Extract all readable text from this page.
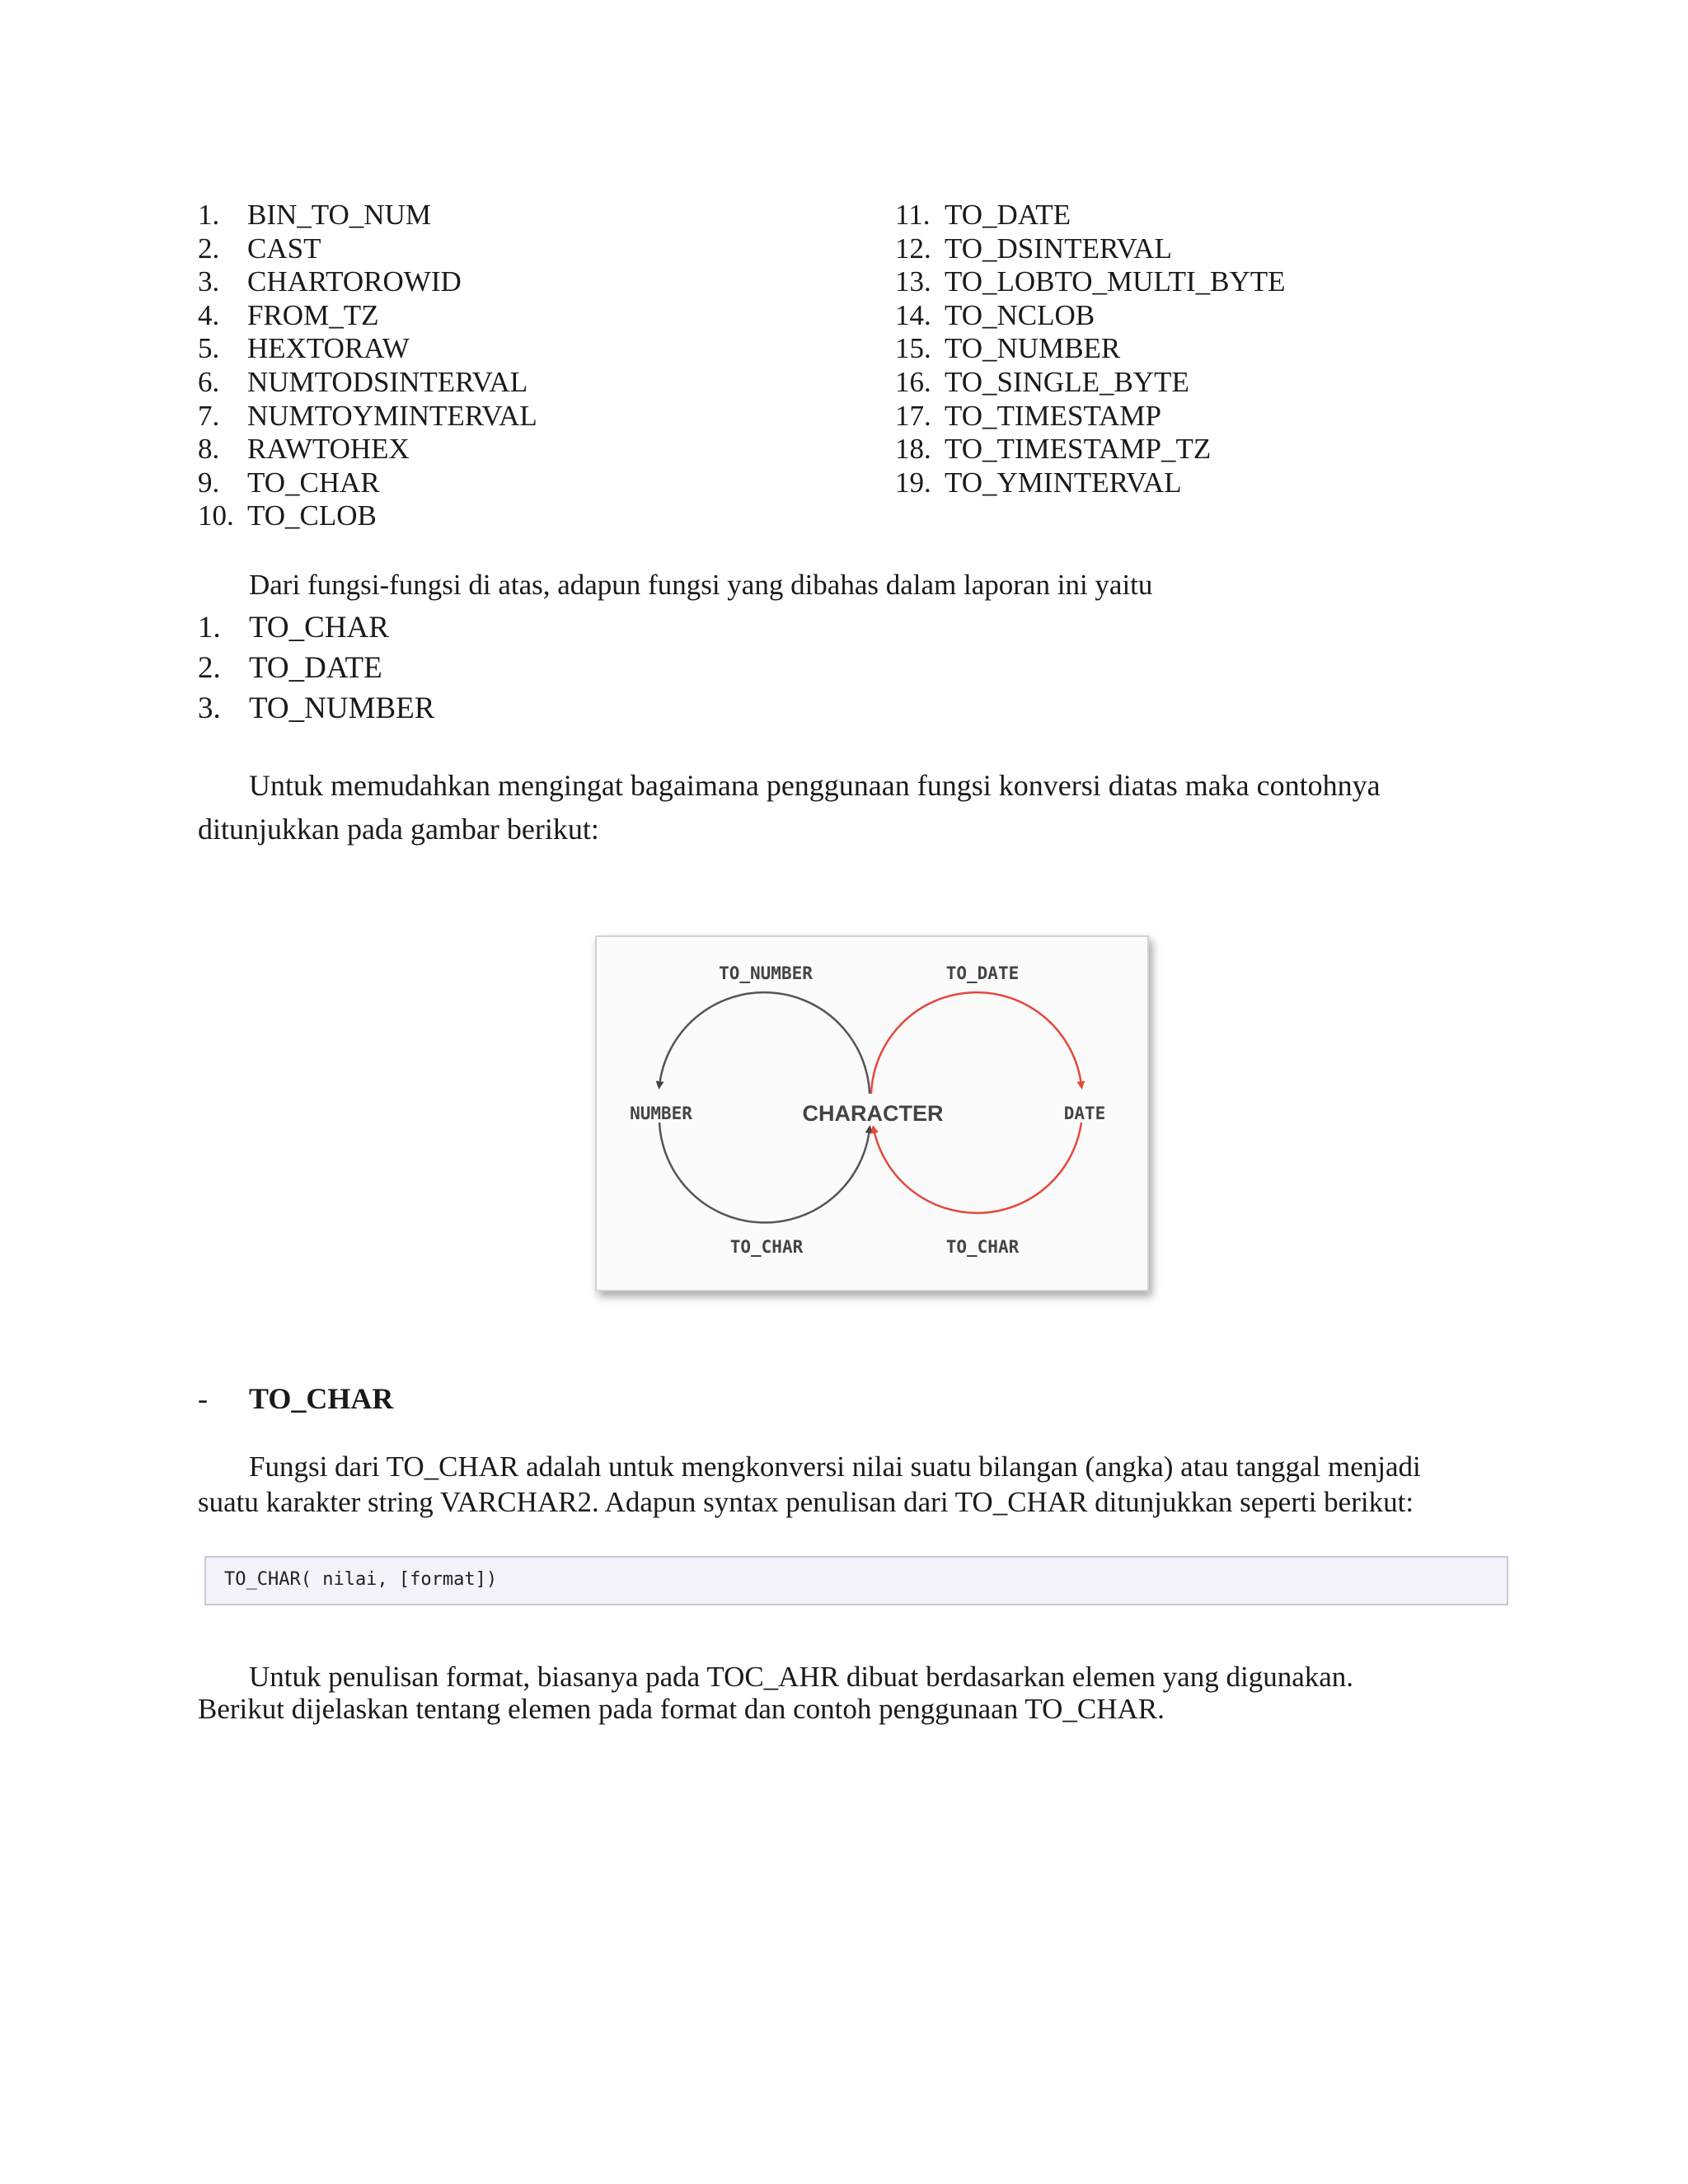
1. BIN_TO_NUM
2. CAST
3. CHARTOROWID
4. FROM_TZ
5. HEXTORAW
6. NUMTODSINTERVAL
7. NUMTOYMINTERVAL
8. RAWTOHEX
9. TO_CHAR
10. TO_CLOB
11. TO_DATE
12. TO_DSINTERVAL
13. TO_LOBTO_MULTI_BYTE
14. TO_NCLOB
15. TO_NUMBER
16. TO_SINGLE_BYTE
17. TO_TIMESTAMP
18. TO_TIMESTAMP_TZ
19. TO_YMINTERVAL
Dari fungsi-fungsi di atas, adapun fungsi yang dibahas dalam laporan ini yaitu
1. TO_CHAR
2. TO_DATE
3. TO_NUMBER
Untuk memudahkan mengingat bagaimana penggunaan fungsi konversi diatas maka contohnya
ditunjukkan pada gambar berikut:
TO_NUMBER	TO_DATE
NUMBER	CHARACTER	DATE
TO_CHAR	TO_CHAR
- TO_CHAR
Fungsi dari TO_CHAR adalah untuk mengkonversi nilai suatu bilangan (angka) atau tanggal menjadi
suatu karakter string VARCHAR2. Adapun syntax penulisan dari TO_CHAR ditunjukkan seperti berikut:
TO_CHAR( nilai, [format])
Untuk penulisan format, biasanya pada TOC_AHR dibuat berdasarkan elemen yang digunakan.
Berikut dijelaskan tentang elemen pada format dan contoh penggunaan TO_CHAR.
